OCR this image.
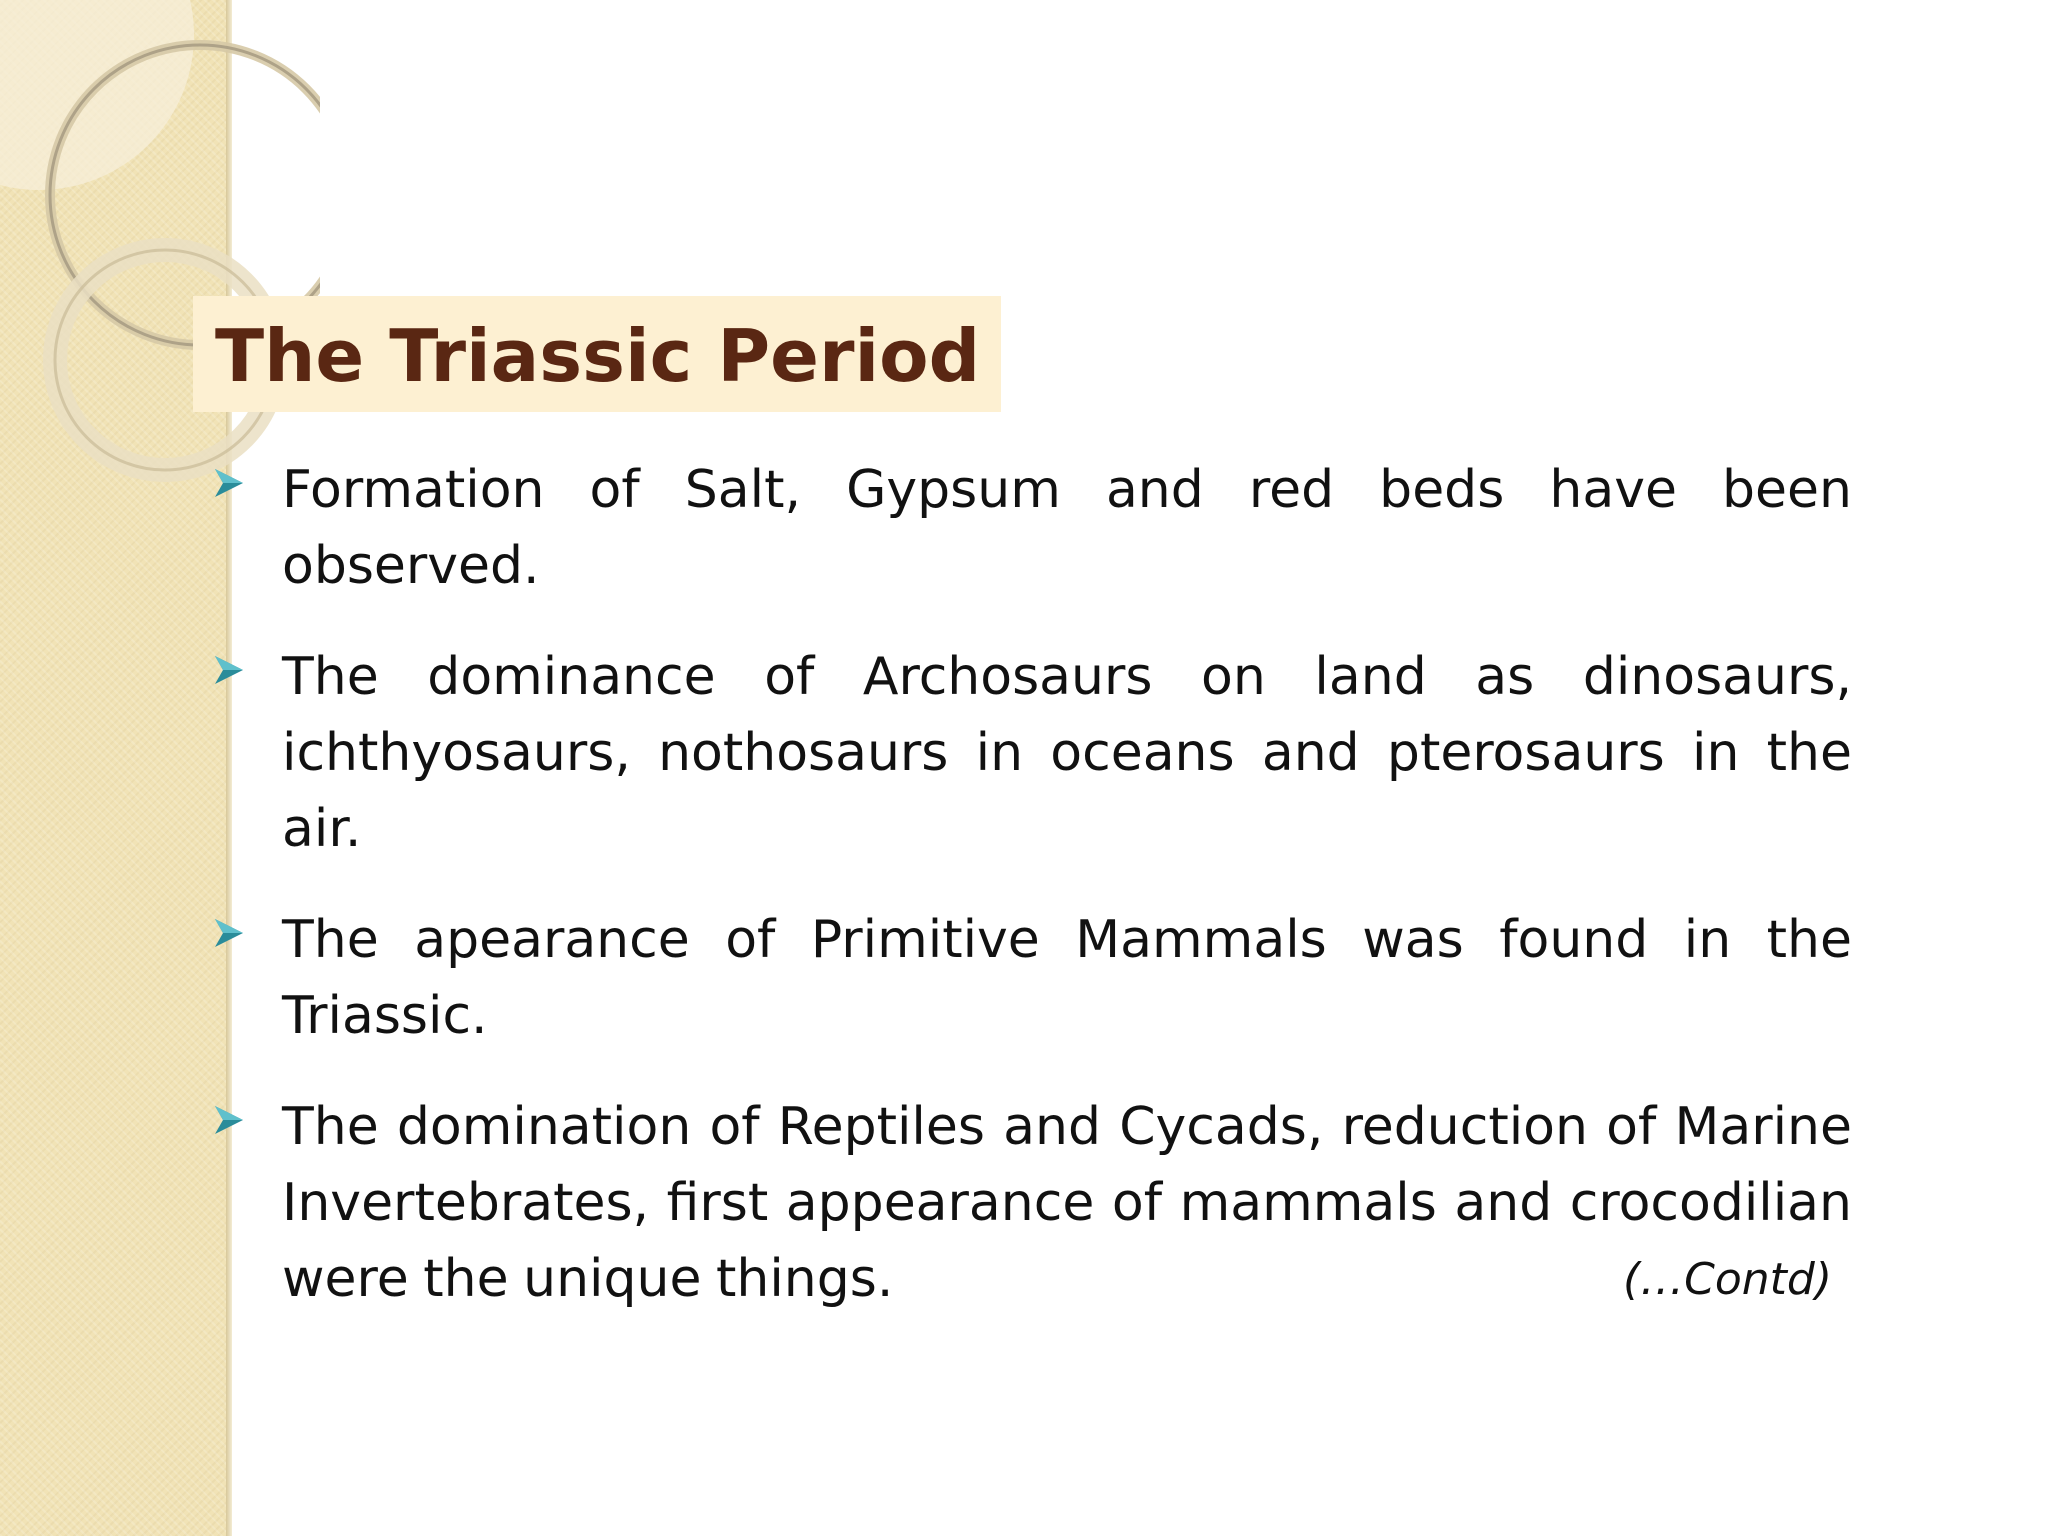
The Triassic Period
Formation of Salt, Gypsum and red beds have been observed.
The dominance of Archosaurs on land as dinosaurs, ichthyosaurs, nothosaurs in oceans and pterosaurs in the air.
The apearance of Primitive Mammals was found in the Triassic.
The domination of Reptiles and Cycads, reduction of Marine Invertebrates, first appearance of mammals and crocodilian were the unique things.	(…Contd)
